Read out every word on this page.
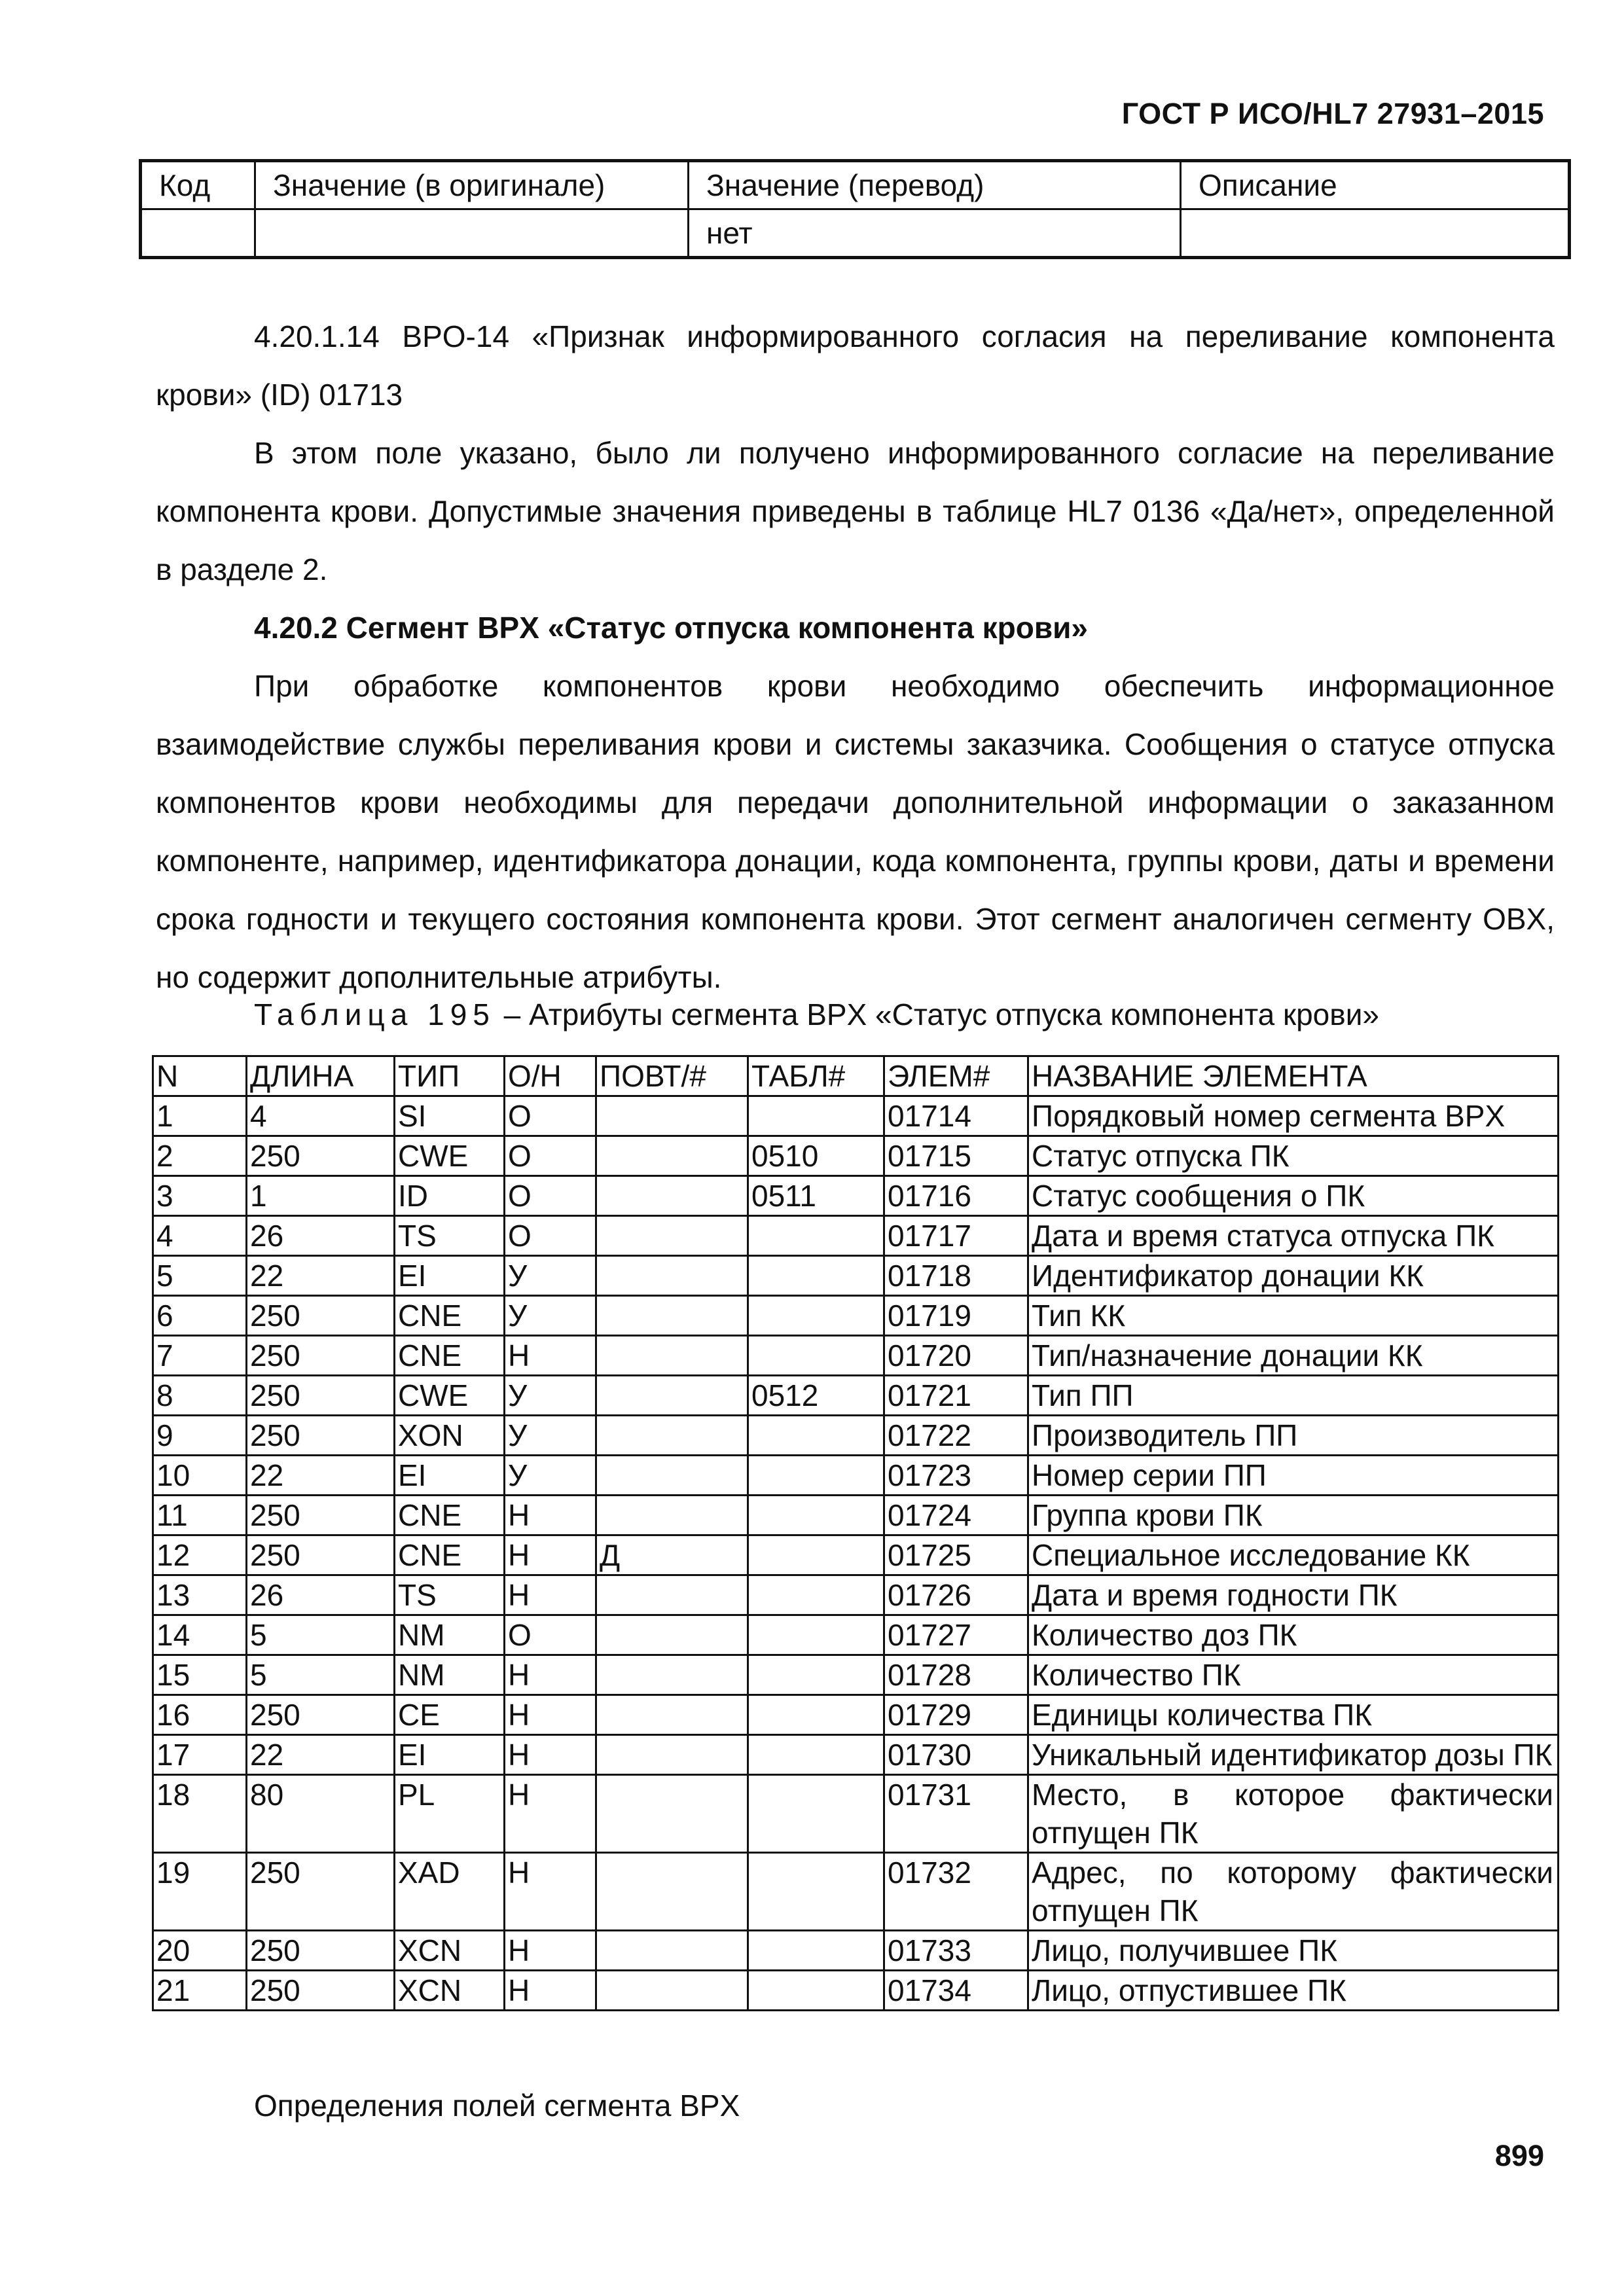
ГОСТ Р ИСО/HL7 27931–2015
Код	Значение (в оригинале)	Значение (перевод)	Описание
		нет	

4.20.1.14 BPO-14 «Признак информированного согласия на переливание компонента крови» (ID) 01713

В этом поле указано, было ли получено информированного согласие на переливание компонента крови. Допустимые значения приведены в таблице HL7 0136 «Да/нет», определенной в разделе 2.

4.20.2 Сегмент BPX «Статус отпуска компонента крови»

При обработке компонентов крови необходимо обеспечить информационное взаимодействие службы переливания крови и системы заказчика. Сообщения о статусе отпуска компонентов крови необходимы для передачи дополнительной информации о заказанном компоненте, например, идентификатора донации, кода компонента, группы крови, даты и времени срока годности и текущего состояния компонента крови. Этот сегмент аналогичен сегменту OBX, но содержит дополнительные атрибуты.

Таблица 195 – Атрибуты сегмента BPX «Статус отпуска компонента крови»
N	ДЛИНА	ТИП	О/Н	ПОВТ/#	ТАБЛ#	ЭЛЕМ#	НАЗВАНИЕ ЭЛЕМЕНТА
1	4	SI	О			01714	Порядковый номер сегмента BPX
2	250	CWE	О		0510	01715	Статус отпуска ПК
3	1	ID	О		0511	01716	Статус сообщения о ПК
4	26	TS	О			01717	Дата и время статуса отпуска ПК
5	22	EI	У			01718	Идентификатор донации КК
6	250	CNE	У			01719	Тип КК
7	250	CNE	Н			01720	Тип/назначение донации КК
8	250	CWE	У		0512	01721	Тип ПП
9	250	XON	У			01722	Производитель ПП
10	22	EI	У			01723	Номер серии ПП
11	250	CNE	Н			01724	Группа крови ПК
12	250	CNE	Н	Д		01725	Специальное исследование КК
13	26	TS	Н			01726	Дата и время годности ПК
14	5	NM	О			01727	Количество доз ПК
15	5	NM	Н			01728	Количество ПК
16	250	CE	Н			01729	Единицы количества ПК
17	22	EI	Н			01730	Уникальный идентификатор дозы ПК
18	80	PL	Н			01731	Место, в которое фактически отпущен ПК
19	250	XAD	Н			01732	Адрес, по которому фактически отпущен ПК
20	250	XCN	Н			01733	Лицо, получившее ПК
21	250	XCN	Н			01734	Лицо, отпустившее ПК
Определения полей сегмента BPX
899
